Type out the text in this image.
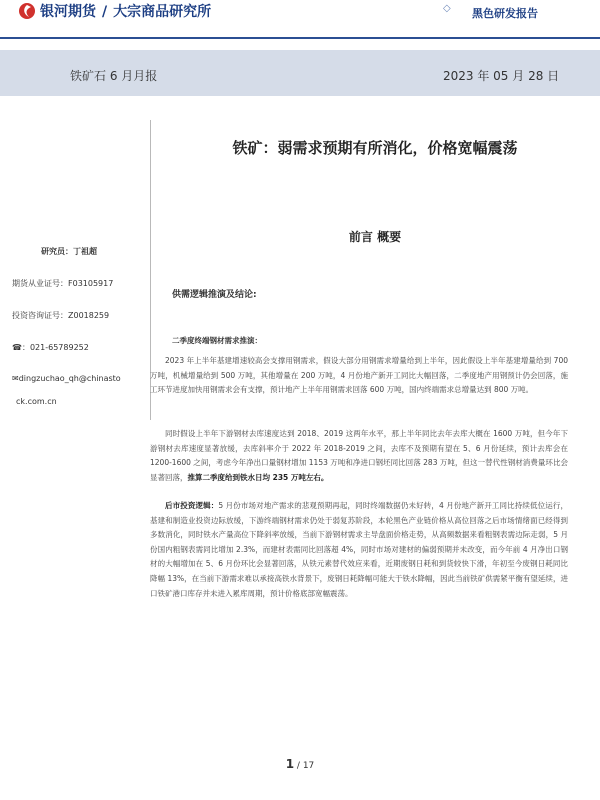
银河期货 / 大宗商品研究所	◇ 黑色研发报告
铁矿石 6 月月报	2023 年 05 月 28 日
研究员：丁祖超
期货从业证号：F03105917
投资咨询证号：Z0018259
☎：021-65789252
✉dingzuchao_qh@chinasto
ck.com.cn
铁矿：弱需求预期有所消化，价格宽幅震荡
前言 概要
供需逻辑推演及结论:
二季度终端钢材需求推演：
2023 年上半年基建增速较高会支撑用钢需求，假设大部分用钢需求增量给到上半年，因此假设上半年基建增量给到 700 万吨，机械增量给到 500 万吨，其他增量在 200 万吨，4 月份地产新开工同比大幅回落，二季度地产用钢预计仍会回落，施工环节进度加快用钢需求会有支撑，预计地产上半年用钢需求回落 600 万吨，国内终端需求总增量达到 800 万吨。
同时假设上半年下游钢材去库速度达到 2018、2019 这两年水平，那上半年同比去年去库大概在 1600 万吨，但今年下游钢材去库速度显著放缓，去库斜率介于 2022 年 2018-2019 之间，去库不及预期有望在 5、6 月份延续，预计去库会在 1200-1600 之间，考虑今年净出口量钢材增加 1153 万吨和净进口钢坯同比回落 283 万吨，但这一替代性钢材消费量环比会显著回落，推算二季度给到铁水日均 235 万吨左右。
后市投资逻辑：5 月份市场对地产需求的悲观预期再起，同时终端数据仍未好转，4 月份地产新开工同比持续低位运行，基建和制造业投资边际放缓，下游终端钢材需求仍处于弱复苏阶段，本轮黑色产业链价格从高位回落之后市场情绪面已经得到多数消化，同时铁水产量高位下降斜率放缓，当前下游钢材需求主导盘面价格走势，从高频数据来看粗钢表需边际走弱，5 月份国内粗钢表需同比增加 2.3%，而建材表需同比回落超 4%，同时市场对建材的偏弱预期并未改变，而今年前 4 月净出口钢材的大幅增加在 5、6 月份环比会显著回落，从铁元素替代效应来看，近期废钢日耗和到货较快下滑，年初至今废钢日耗同比降幅 13%，在当前下游需求难以承接高铁水背景下，废钢日耗降幅可能大于铁水降幅，因此当前铁矿供需紧平衡有望延续，进口铁矿港口库存并未进入累库周期，预计价格底部宽幅震荡。
1 / 17
